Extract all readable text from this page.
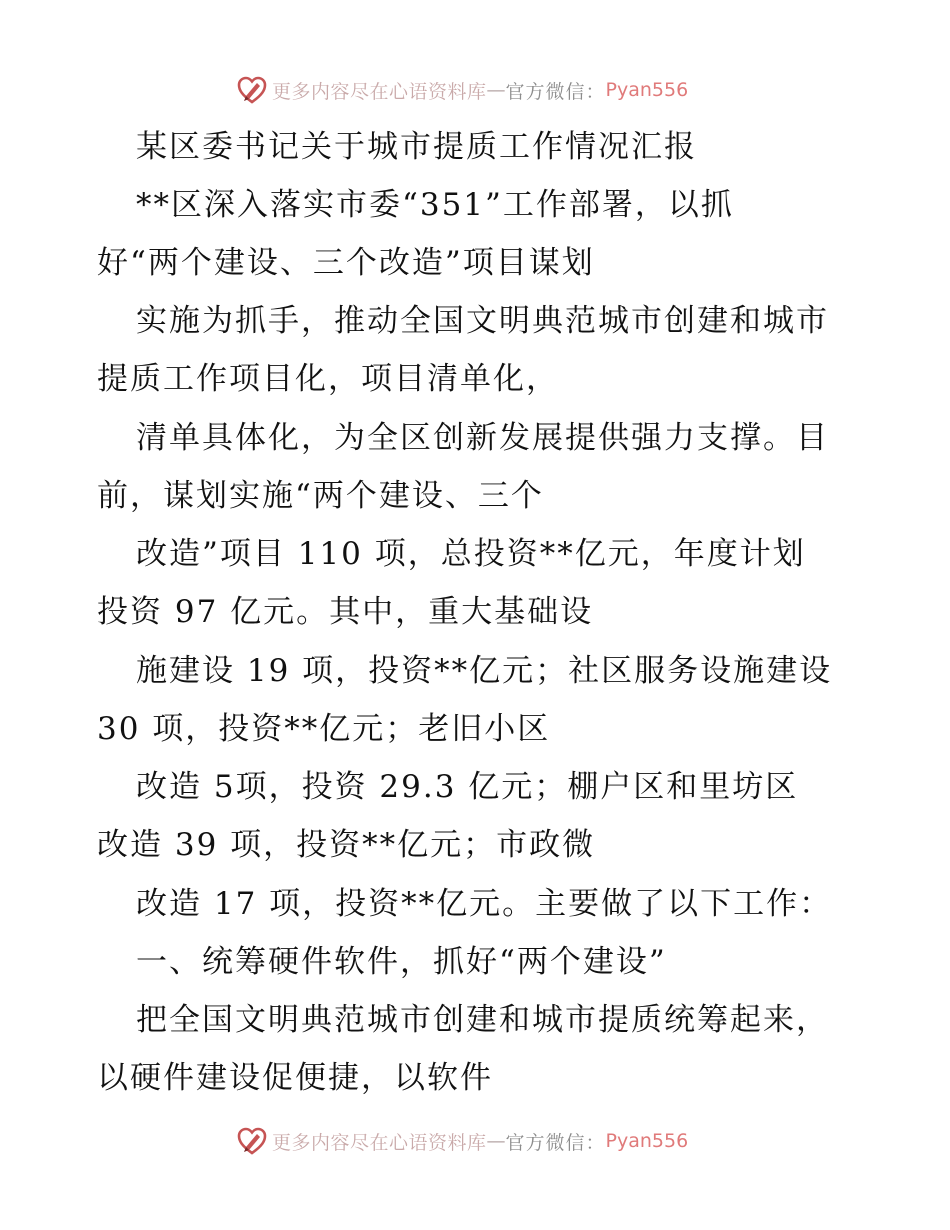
更多内容尽在心语资料库 — 官方微信： Pyan556
某区委书记关于城市提质工作情况汇报
**区深入落实市委“351”工作部署，以抓
好“两个建设、三个改造”项目谋划
实施为抓手，推动全国文明典范城市创建和城市
提质工作项目化，项目清单化，
清单具体化，为全区创新发展提供强力支撑。目
前，谋划实施“两个建设、三个
改造”项目 110 项，总投资**亿元，年度计划
投资 97 亿元。其中，重大基础设
施建设 19 项，投资**亿元；社区服务设施建设
30 项，投资**亿元；老旧小区
改造 5项，投资 29.3 亿元；棚户区和里坊区
改造 39 项，投资**亿元；市政微
改造 17 项，投资**亿元。主要做了以下工作：
一、统筹硬件软件，抓好“两个建设”
把全国文明典范城市创建和城市提质统筹起来，
以硬件建设促便捷，以软件
更多内容尽在心语资料库 — 官方微信： Pyan556
